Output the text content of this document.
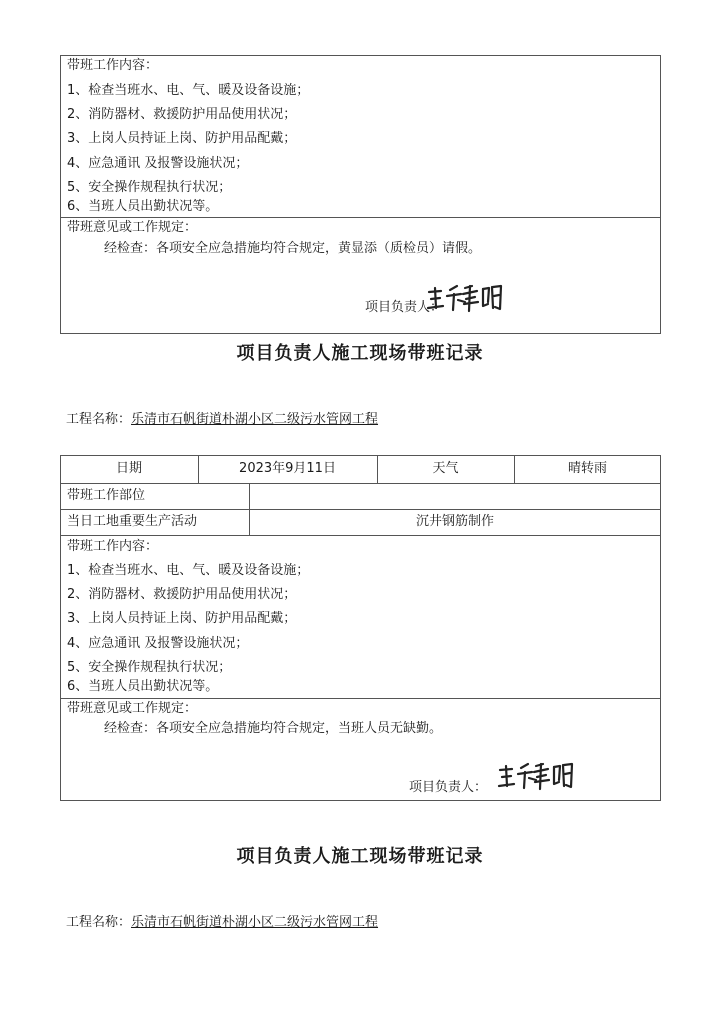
带班工作内容：
1、检查当班水、电、气、暖及设备设施；
2、消防器材、救援防护用品使用状况；
3、上岗人员持证上岗、防护用品配戴；
4、应急通讯 及报警设施状况；
5、安全操作规程执行状况；
6、当班人员出勤状况等。
带班意见或工作规定：
经检查：各项安全应急措施均符合规定，黄显添（质检员）请假。
项目负责人：
项目负责人施工现场带班记录
工程名称：乐清市石帆街道朴湖小区二级污水管网工程
日期	2023年9月11日	天气	晴转雨
带班工作部位
当日工地重要生产活动	沉井钢筋制作
带班工作内容：
1、检查当班水、电、气、暖及设备设施；
2、消防器材、救援防护用品使用状况；
3、上岗人员持证上岗、防护用品配戴；
4、应急通讯 及报警设施状况；
5、安全操作规程执行状况；
6、当班人员出勤状况等。
带班意见或工作规定：
经检查：各项安全应急措施均符合规定，当班人员无缺勤。
项目负责人：
项目负责人施工现场带班记录
工程名称：乐清市石帆街道朴湖小区二级污水管网工程
